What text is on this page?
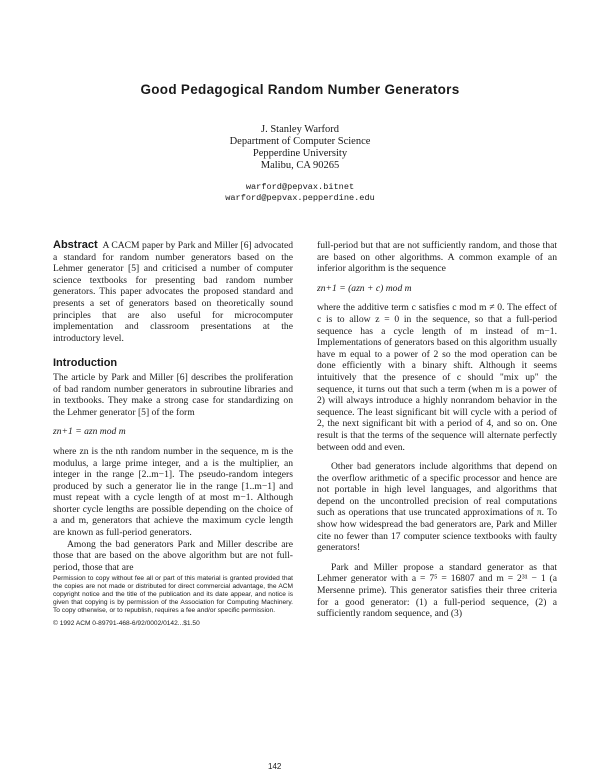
Good Pedagogical Random Number Generators
J. Stanley Warford
Department of Computer Science
Pepperdine University
Malibu, CA 90265
warford@pepvax.bitnet
warford@pepvax.pepperdine.edu

Abstract A CACM paper by Park and Miller [6] advocated a standard for random number generators based on the Lehmer generator [5] and criticised a number of computer science textbooks for presenting bad random number generators. This paper advocates the proposed standard and presents a set of generators based on theoretically sound principles that are also useful for microcomputer implementation and classroom presentations at the introductory level.

Introduction

The article by Park and Miller [6] describes the proliferation of bad random number generators in subroutine libraries and in textbooks. They make a strong case for standardizing on the Lehmer generator [5] of the form

zn+1 = azn mod m

where zn is the nth random number in the sequence, m is the modulus, a large prime integer, and a is the multiplier, an integer in the range [2..m−1]. The pseudo-random integers produced by such a generator lie in the range [1..m−1] and must repeat with a cycle length of at most m−1. Although shorter cycle lengths are possible depending on the choice of a and m, generators that achieve the maximum cycle length are known as full-period generators.

Among the bad generators Park and Miller describe are those that are based on the above algorithm but are not full-period, those that are

Permission to copy without fee all or part of this material is granted provided that the copies are not made or distributed for direct commercial advantage, the ACM copyright notice and the title of the publication and its date appear, and notice is given that copying is by permission of the Association for Computing Machinery. To copy otherwise, or to republish, requires a fee and/or specific permission.
© 1992 ACM 0-89791-468-6/92/0002/0142...$1.50

full-period but that are not sufficiently random, and those that are based on other algorithms. A common example of an inferior algorithm is the sequence

zn+1 = (azn + c) mod m

where the additive term c satisfies c mod m ≠ 0. The effect of c is to allow z = 0 in the sequence, so that a full-period sequence has a cycle length of m instead of m−1. Implementations of generators based on this algorithm usually have m equal to a power of 2 so the mod operation can be done efficiently with a binary shift. Although it seems intuitively that the presence of c should "mix up" the sequence, it turns out that such a term (when m is a power of 2) will always introduce a highly nonrandom behavior in the sequence. The least significant bit will cycle with a period of 2, the next significant bit with a period of 4, and so on. One result is that the terms of the sequence will alternate perfectly between odd and even.

Other bad generators include algorithms that depend on the overflow arithmetic of a specific processor and hence are not portable in high level languages, and algorithms that depend on the uncontrolled precision of real computations such as operations that use truncated approximations of π. To show how widespread the bad generators are, Park and Miller cite no fewer than 17 computer science textbooks with faulty generators!

Park and Miller propose a standard generator as that Lehmer generator with a = 7⁵ = 16807 and m = 2³¹ − 1 (a Mersenne prime). This generator satisfies their three criteria for a good generator: (1) a full-period sequence, (2) a sufficiently random sequence, and (3)

142
